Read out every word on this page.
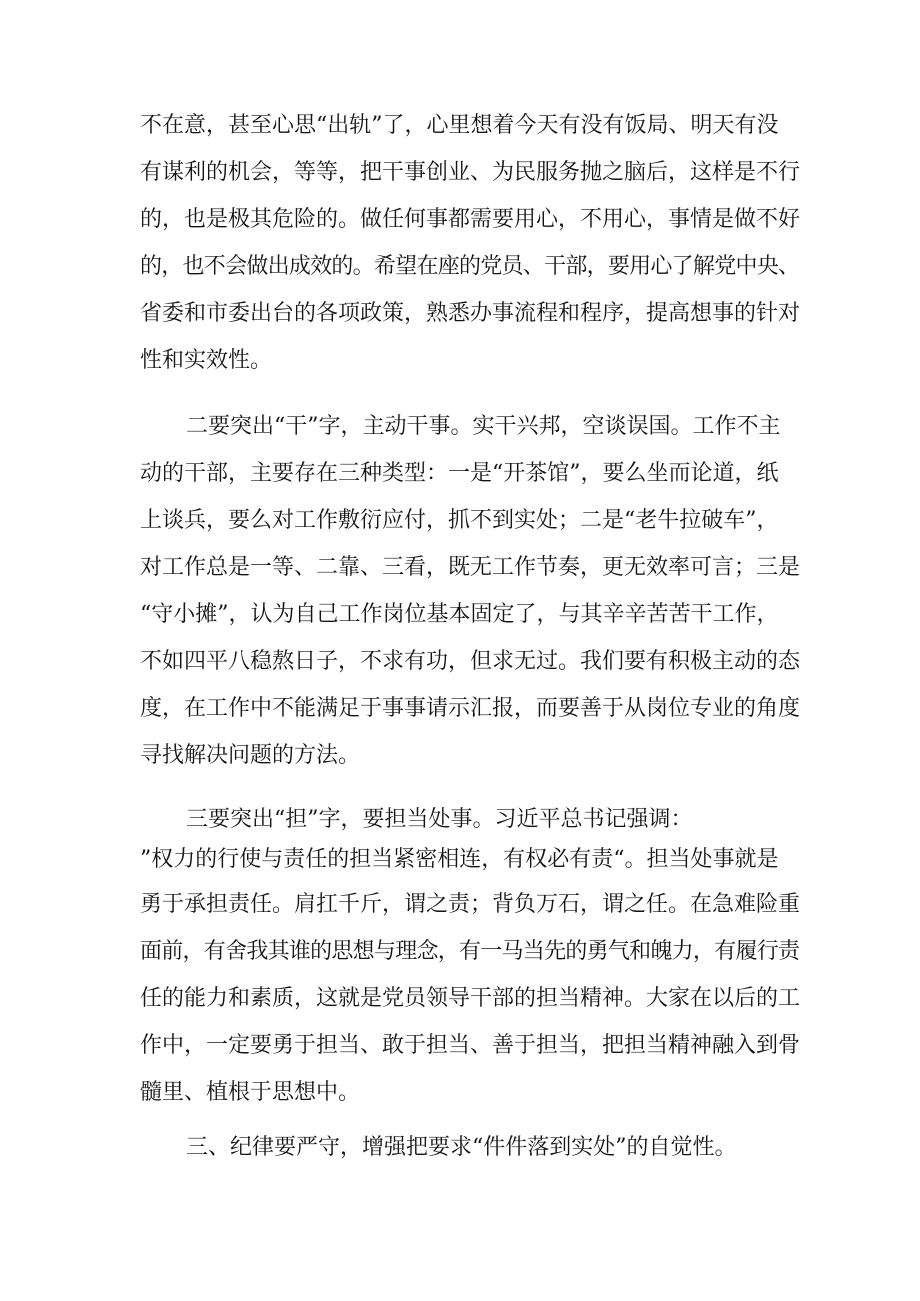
不在意，甚至心思“出轨”了，心里想着今天有没有饭局、明天有没
有谋利的机会，等等，把干事创业、为民服务抛之脑后，这样是不行
的，也是极其危险的。做任何事都需要用心，不用心，事情是做不好
的，也不会做出成效的。希望在座的党员、干部，要用心了解党中央、
省委和市委出台的各项政策，熟悉办事流程和程序，提高想事的针对
性和实效性。
二要突出“干”字，主动干事。实干兴邦，空谈误国。工作不主
动的干部，主要存在三种类型：一是“开茶馆”，要么坐而论道，纸
上谈兵，要么对工作敷衍应付，抓不到实处；二是“老牛拉破车”，
对工作总是一等、二靠、三看，既无工作节奏，更无效率可言；三是
“守小摊”，认为自己工作岗位基本固定了，与其辛辛苦苦干工作，
不如四平八稳熬日子，不求有功，但求无过。我们要有积极主动的态
度，在工作中不能满足于事事请示汇报，而要善于从岗位专业的角度
寻找解决问题的方法。
三要突出“担”字，要担当处事。习近平总书记强调：
”权力的行使与责任的担当紧密相连，有权必有责“。担当处事就是
勇于承担责任。肩扛千斤，谓之责；背负万石，谓之任。在急难险重
面前，有舍我其谁的思想与理念，有一马当先的勇气和魄力，有履行责
任的能力和素质，这就是党员领导干部的担当精神。大家在以后的工
作中，一定要勇于担当、敢于担当、善于担当，把担当精神融入到骨
髓里、植根于思想中。
三、纪律要严守，增强把要求“件件落到实处”的自觉性。
